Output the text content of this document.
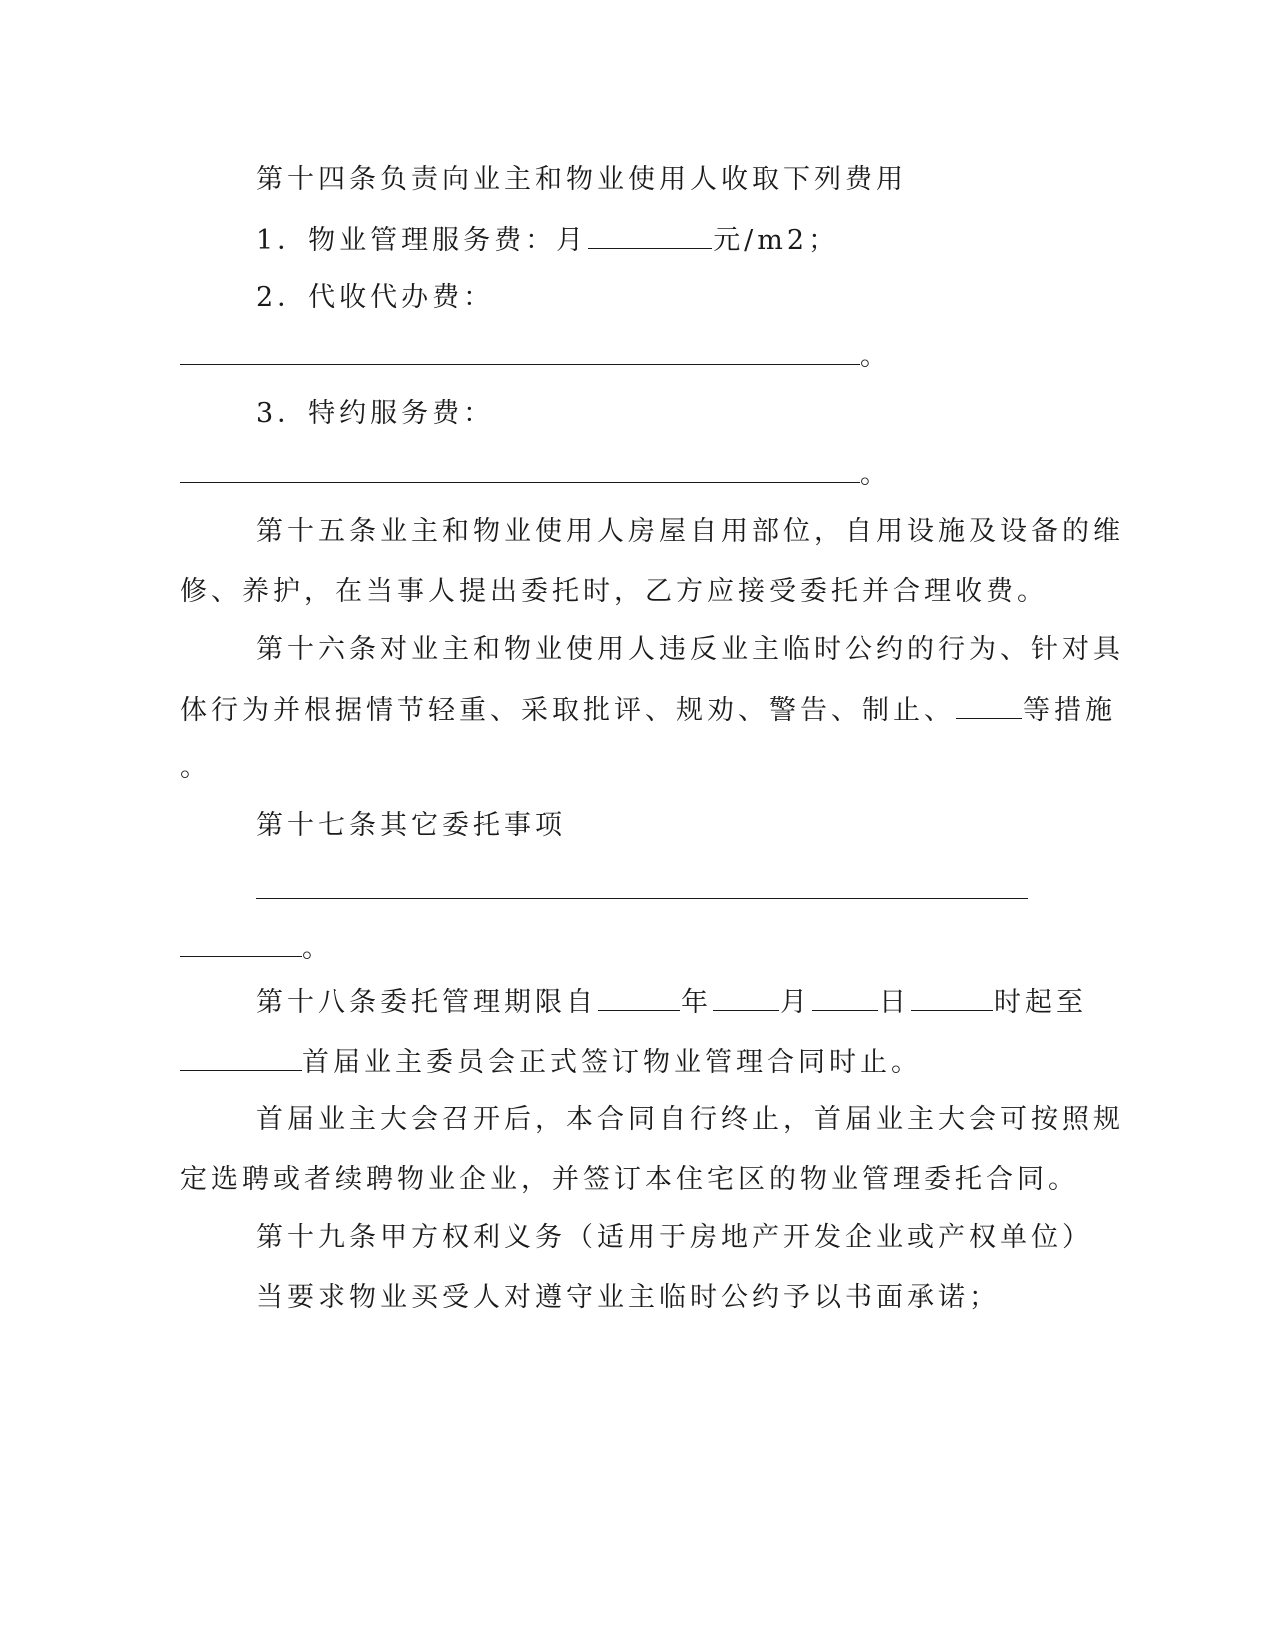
第十四条负责向业主和物业使用人收取下列费用
1．物业管理服务费：月	元/m2；
2．代收代办费：
。
3．特约服务费：
。
第十五条业主和物业使用人房屋自用部位，自用设施及设备的维
修、养护，在当事人提出委托时，乙方应接受委托并合理收费。
第十六条对业主和物业使用人违反业主临时公约的行为、针对具
体行为并根据情节轻重、采取批评、规劝、警告、制止、	等措施
。
第十七条其它委托事项
。
第十八条委托管理期限自	年	月	日	时起至
首届业主委员会正式签订物业管理合同时止。
首届业主大会召开后，本合同自行终止，首届业主大会可按照规
定选聘或者续聘物业企业，并签订本住宅区的物业管理委托合同。
第十九条甲方权利义务（适用于房地产开发企业或产权单位）
当要求物业买受人对遵守业主临时公约予以书面承诺；
